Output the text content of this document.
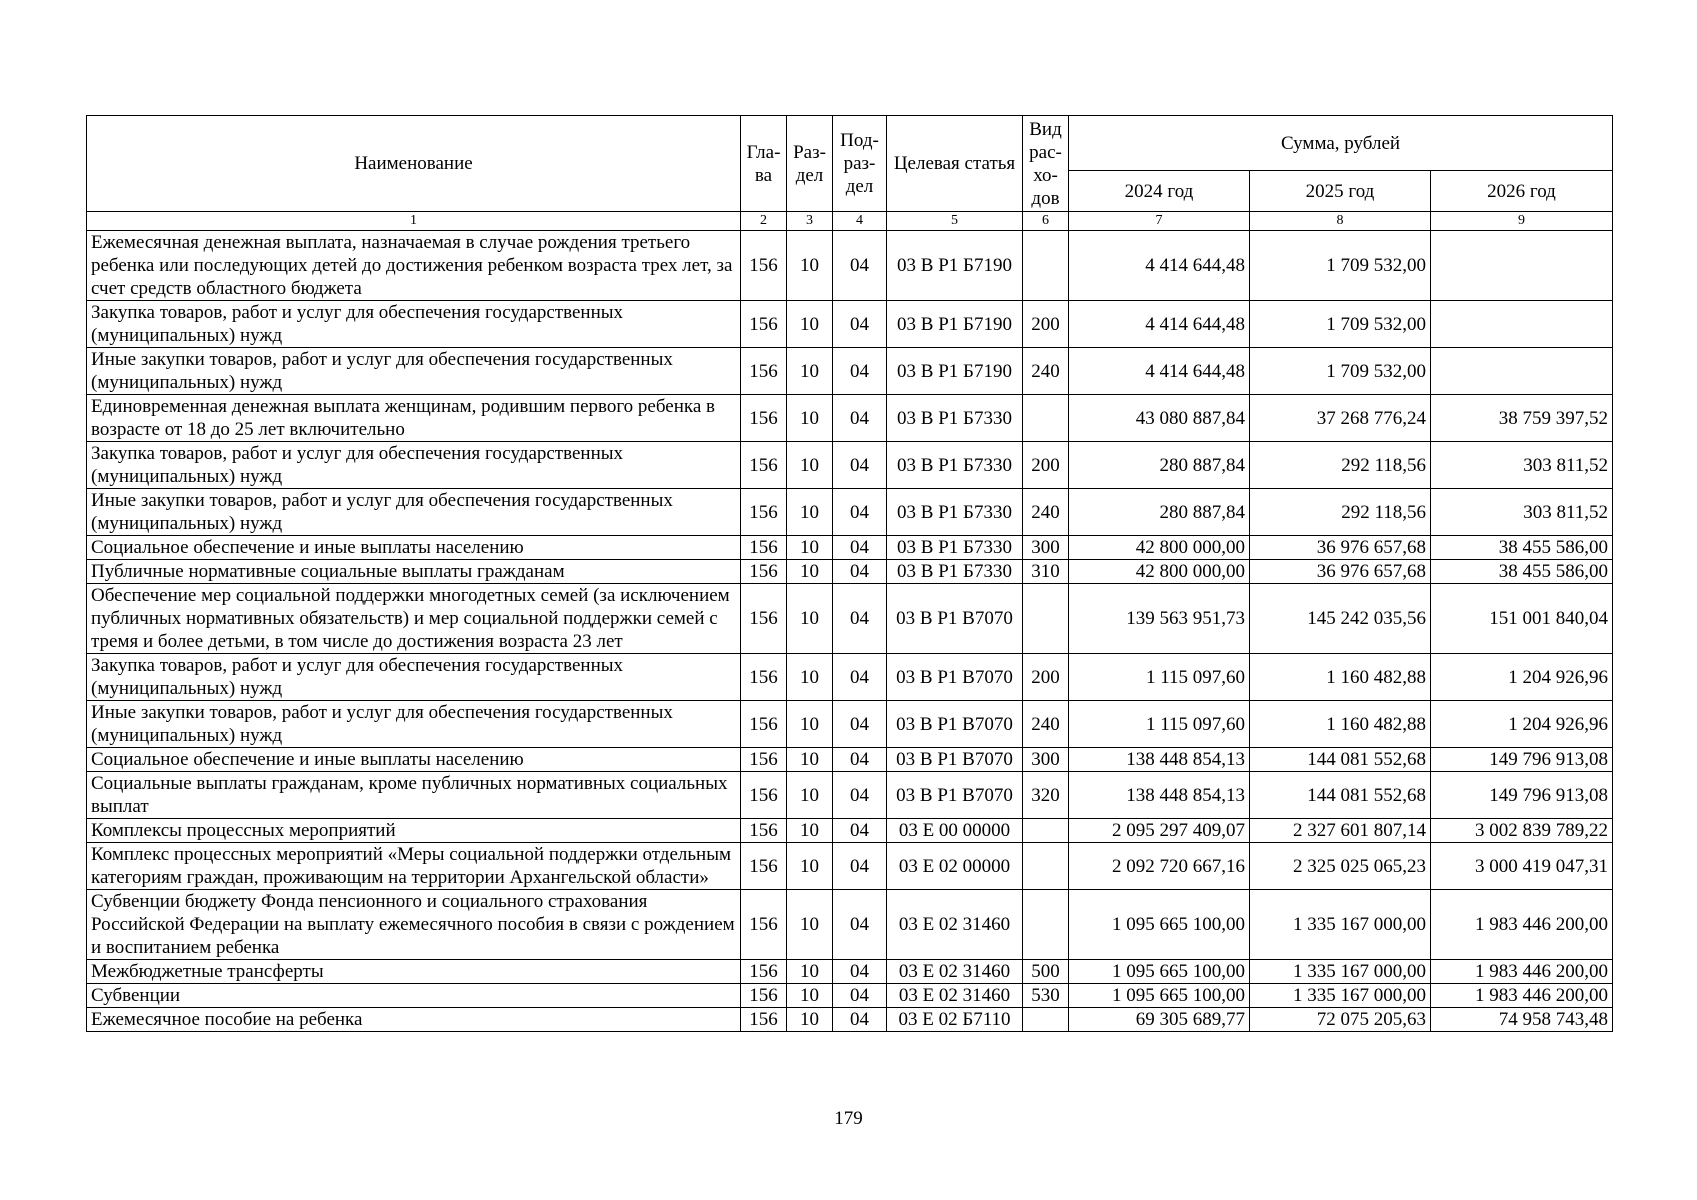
Наименование	Гла-ва	Раз-дел	Под-раз-дел	Целевая статья	Вид рас-хо-дов	Сумма, рублей		
						2024 год	2025 год	2026 год
1	2	3	4	5	6	7	8	9
Ежемесячная денежная выплата, назначаемая в случае рождения третьего ребенка или последующих детей до достижения ребенком возраста трех лет, за счет средств областного бюджета	156	10	04	03 В Р1 Б7190		4 414 644,48	1 709 532,00	
Закупка товаров, работ и услуг для обеспечения государственных (муниципальных) нужд	156	10	04	03 В Р1 Б7190	200	4 414 644,48	1 709 532,00	
Иные закупки товаров, работ и услуг для обеспечения государственных (муниципальных) нужд	156	10	04	03 В Р1 Б7190	240	4 414 644,48	1 709 532,00	
Единовременная денежная выплата женщинам, родившим первого ребенка в возрасте от 18 до 25 лет включительно	156	10	04	03 В Р1 Б7330		43 080 887,84	37 268 776,24	38 759 397,52
Закупка товаров, работ и услуг для обеспечения государственных (муниципальных) нужд	156	10	04	03 В Р1 Б7330	200	280 887,84	292 118,56	303 811,52
Иные закупки товаров, работ и услуг для обеспечения государственных (муниципальных) нужд	156	10	04	03 В Р1 Б7330	240	280 887,84	292 118,56	303 811,52
Социальное обеспечение и иные выплаты населению	156	10	04	03 В Р1 Б7330	300	42 800 000,00	36 976 657,68	38 455 586,00
Публичные нормативные социальные выплаты гражданам	156	10	04	03 В Р1 Б7330	310	42 800 000,00	36 976 657,68	38 455 586,00
Обеспечение мер социальной поддержки многодетных семей (за исключением публичных нормативных обязательств) и мер социальной поддержки семей с тремя и более детьми, в том числе до достижения возраста 23 лет	156	10	04	03 В Р1 В7070		139 563 951,73	145 242 035,56	151 001 840,04
Закупка товаров, работ и услуг для обеспечения государственных (муниципальных) нужд	156	10	04	03 В Р1 В7070	200	1 115 097,60	1 160 482,88	1 204 926,96
Иные закупки товаров, работ и услуг для обеспечения государственных (муниципальных) нужд	156	10	04	03 В Р1 В7070	240	1 115 097,60	1 160 482,88	1 204 926,96
Социальное обеспечение и иные выплаты населению	156	10	04	03 В Р1 В7070	300	138 448 854,13	144 081 552,68	149 796 913,08
Социальные выплаты гражданам, кроме публичных нормативных социальных выплат	156	10	04	03 В Р1 В7070	320	138 448 854,13	144 081 552,68	149 796 913,08
Комплексы процессных мероприятий	156	10	04	03 Е 00 00000		2 095 297 409,07	2 327 601 807,14	3 002 839 789,22
Комплекс процессных мероприятий «Меры социальной поддержки отдельным категориям граждан, проживающим на территории Архангельской области»	156	10	04	03 Е 02 00000		2 092 720 667,16	2 325 025 065,23	3 000 419 047,31
Субвенции бюджету Фонда пенсионного и социального страхования Российской Федерации на выплату ежемесячного пособия в связи с рождением и воспитанием ребенка	156	10	04	03 Е 02 31460		1 095 665 100,00	1 335 167 000,00	1 983 446 200,00
Межбюджетные трансферты	156	10	04	03 Е 02 31460	500	1 095 665 100,00	1 335 167 000,00	1 983 446 200,00
Субвенции	156	10	04	03 Е 02 31460	530	1 095 665 100,00	1 335 167 000,00	1 983 446 200,00
Ежемесячное пособие на ребенка	156	10	04	03 Е 02 Б7110		69 305 689,77	72 075 205,63	74 958 743,48
179
